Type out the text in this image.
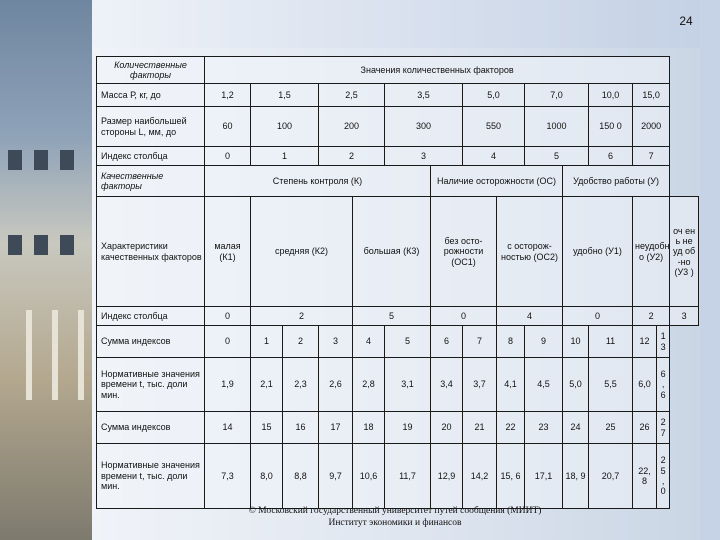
24
Количественные факторы	Значения количественных факторов														
Масса Р, кг, до	1,2	1,5		2,5		3,5		5,0		7,0		10,0	15,0		
Размер наибольшей стороны L, мм, до	60	100		200		300		550		1000		150 0	2000		
Индекс столбца	0	1		2		3		4		5		6	7		
Качественные факторы	Степень контроля (К)						Наличие осторожности (ОС)				Удобство работы (У)				
Характеристики качественных факторов	малая (К1)	средняя (К2)			большая (К3)		без осто-рожности (ОС1)		с осторож-ностью (ОС2)		удобно (У1)		неудобн о (У2)		оч ен ь не уд об-но (У3 )
Индекс столбца	0	2			5		0		4		0		2		3
Сумма индексов	0	1	2	3	4	5	6	7	8	9	10	11	12	1 3	
Нормативные значения времени t, тыс. доли мин.	1,9	2,1	2,3	2,6	2,8	3,1	3,4	3,7	4,1	4,5	5,0	5,5	6,0	6 , 6	
Сумма индексов	14	15	16	17	18	19	20	21	22	23	24	25	26	2 7	
Нормативные значения времени t, тыс. доли мин.	7,3	8,0	8,8	9,7	10,6	11,7	12,9	14,2	15, 6	17,1	18, 9	20,7	22, 8	2 5 , 0	
© Московский государственный университет путей сообщения (МИИТ)
Институт экономики и финансов
